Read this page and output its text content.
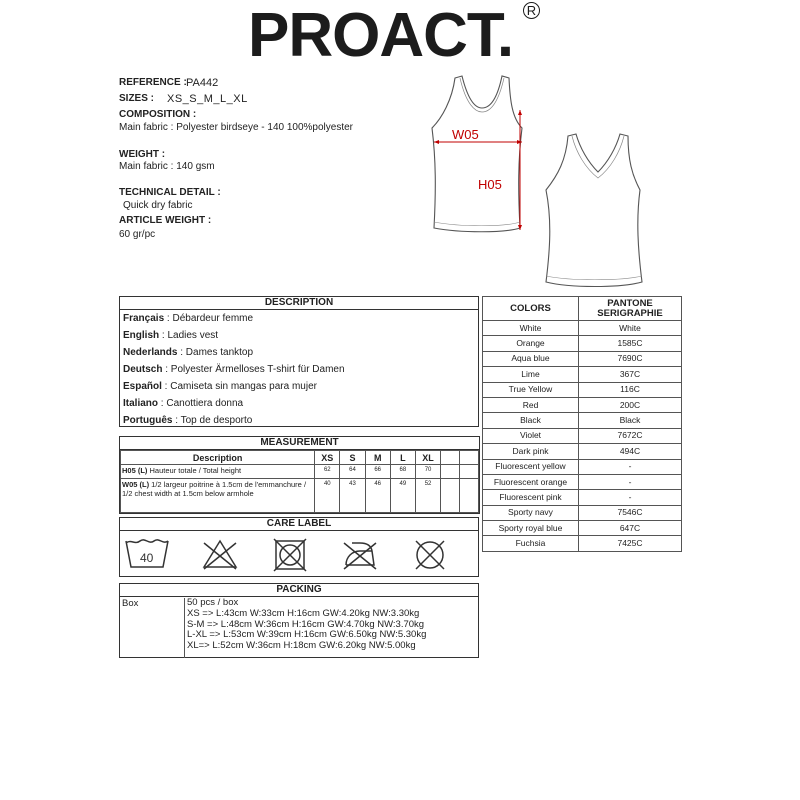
PROACT. R
REFERENCE : PA442
SIZES : XS_S_M_L_XL
COMPOSITION :
Main fabric : Polyester birdseye - 140 100%polyester
WEIGHT :
Main fabric : 140 gsm
TECHNICAL DETAIL :
Quick dry fabric
ARTICLE WEIGHT :
60 gr/pc
W05
H05
DESCRIPTION
Français : Débardeur femme
English : Ladies vest
Nederlands : Dames tanktop
Deutsch : Polyester Ärmelloses T-shirt für Damen
Español : Camiseta sin mangas para mujer
Italiano : Canottiera donna
Português : Top de desporto
COLORS	PANTONE SERIGRAPHIE
White	White
Orange	1585C
Aqua blue	7690C
Lime	367C
True Yellow	116C
Red	200C
Black	Black
Violet	7672C
Dark pink	494C
Fluorescent yellow	-
Fluorescent orange	-
Fluorescent pink	-
Sporty navy	7546C
Sporty royal blue	647C
Fuchsia	7425C
MEASUREMENT
Description	XS	S	M	L	XL		
H05 (L) Hauteur totale / Total height	62	64	66	68	70		
W05 (L) 1/2 largeur poitrine à 1.5cm de l'emmanchure / 1/2 chest width at 1.5cm below armhole	40	43	46	49	52		
CARE LABEL
40
PACKING
Box	50 pcs / box
XS => L:43cm W:33cm H:16cm GW:4.20kg NW:3.30kg
S-M => L:48cm W:36cm H:16cm GW:4.70kg NW:3.70kg
L-XL => L:53cm W:39cm H:16cm GW:6.50kg NW:5.30kg
XL=> L:52cm W:36cm H:18cm GW:6.20kg NW:5.00kg
